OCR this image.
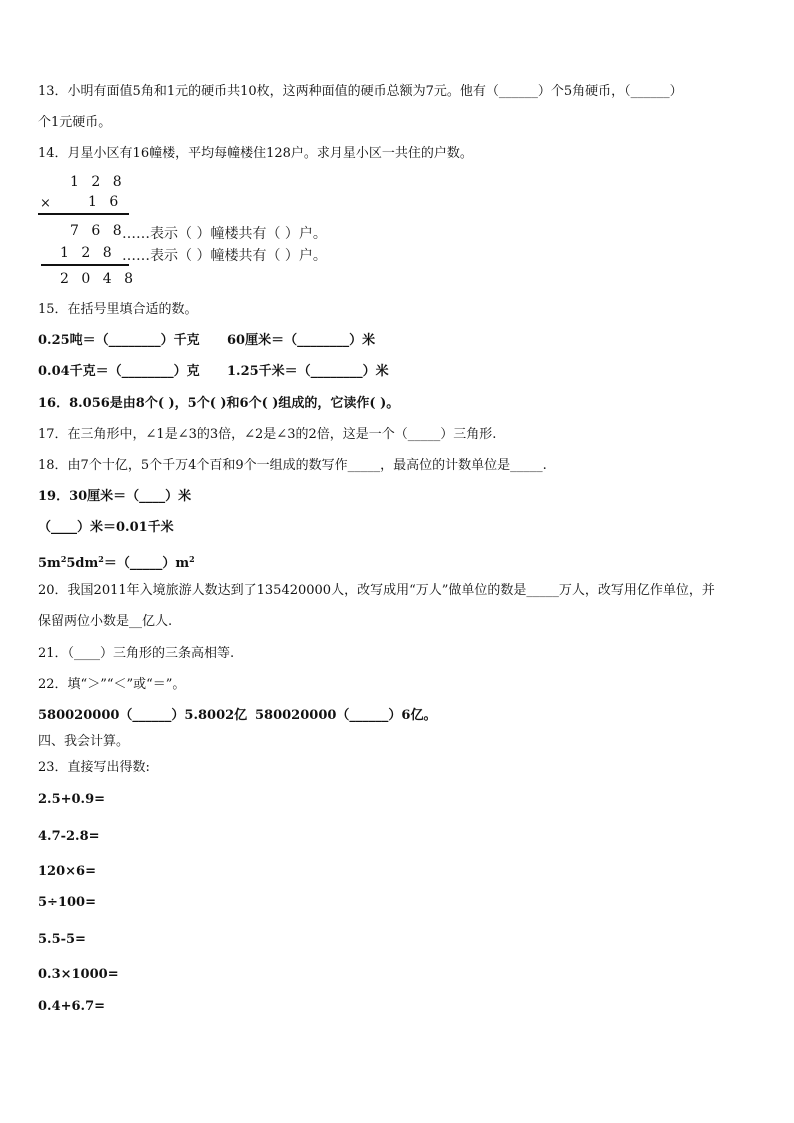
13．小明有面值5角和1元的硬币共10枚，这两种面值的硬币总额为7元。他有（______）个5角硬币，（______）
个1元硬币。
14．月星小区有16幢楼，平均每幢楼住128户。求月星小区一共住的户数。
1 2 8
× 1 6
7 6 8
1 2 8
2 0 4 8
……表示（ ）幢楼共有（ ）户。
……表示（ ）幢楼共有（ ）户。
15．在括号里填合适的数。
0.25吨＝（________）千克 60厘米＝（________）米
0.04千克＝（________）克 1.25千米＝（________）米
16．8.056是由8个( )，5个( )和6个( )组成的，它读作( )。
17．在三角形中，∠1是∠3的3倍，∠2是∠3的2倍，这是一个（_____）三角形.
18．由7个十亿，5个千万4个百和9个一组成的数写作_____，最高位的计数单位是_____.
19．30厘米＝（____）米
（____）米＝0.01千米
$5m^25dm^2=(\_\_\_\_\_)m^2$
20．我国2011年入境旅游人数达到了135420000人，改写成用“万人”做单位的数是_____万人，改写用亿作单位，并
保留两位小数是__亿人.
21．（____）三角形的三条高相等.
22．填“＞”“＜”或“＝”。
580020000（______）5.8002亿 580020000（______）6亿。
四、我会计算。
23．直接写出得数:
2.5+0.9=
4.7-2.8=
120×6=
5÷100=
5.5-5=
0.3×1000=
0.4+6.7=
